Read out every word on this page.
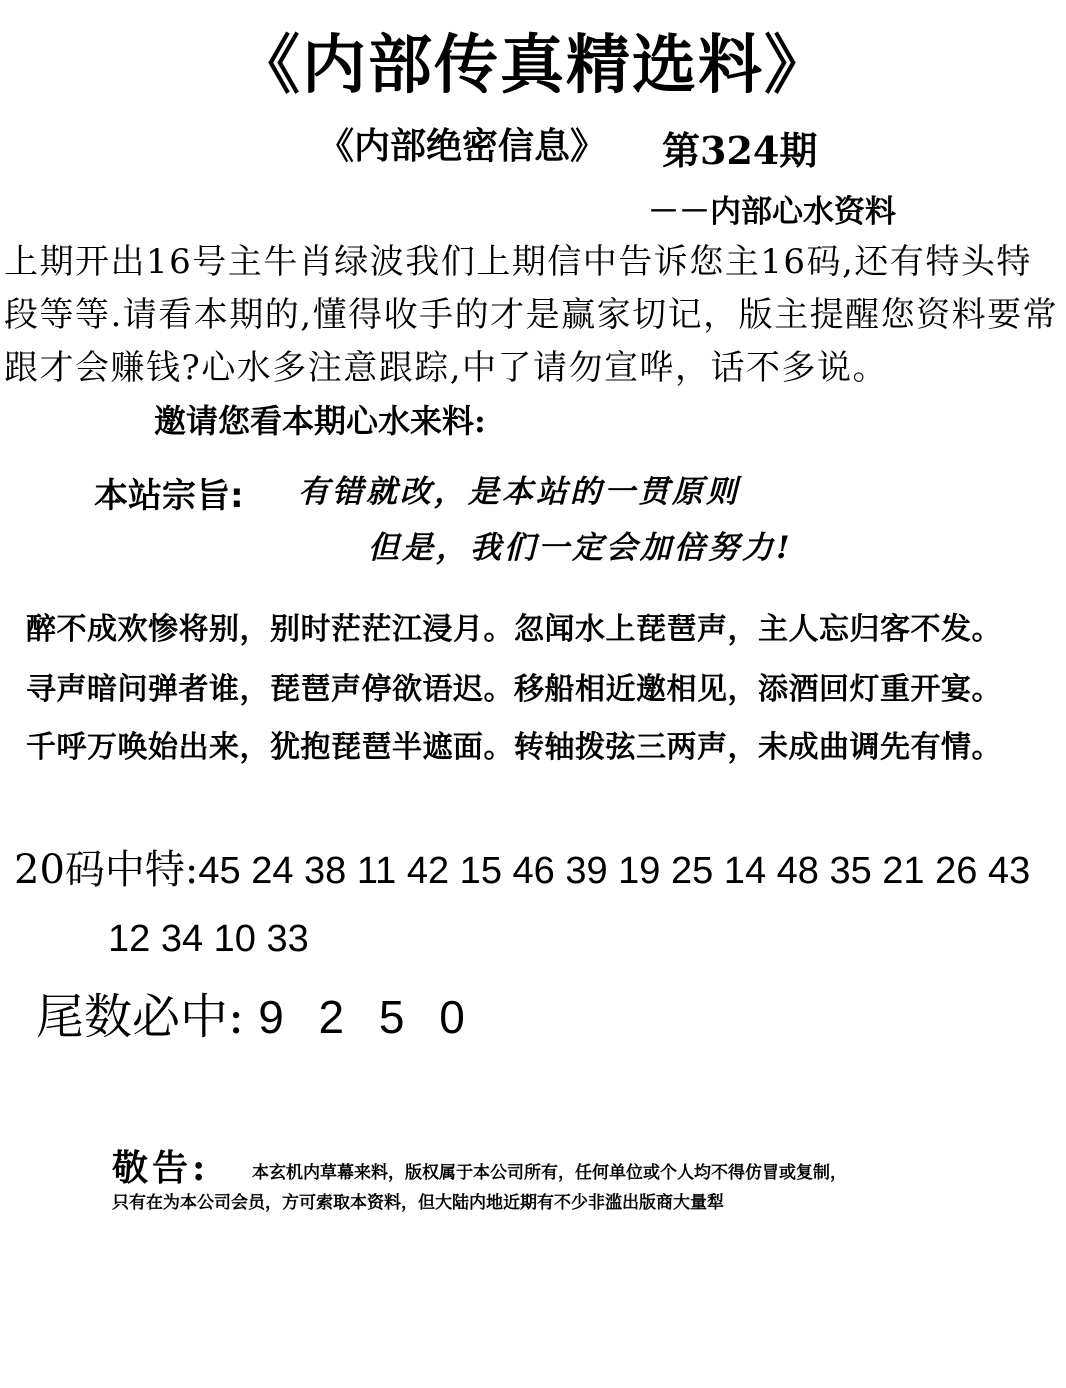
《内部传真精选料》
《内部绝密信息》 第324期
－－内部心水资料
上期开出16号主牛肖绿波我们上期信中告诉您主16码,还有特头特段等等.请看本期的,懂得收手的才是赢家切记，版主提醒您资料要常跟才会赚钱?心水多注意跟踪,中了请勿宣哗，话不多说。邀请您看本期心水来料:
本站宗旨: 有错就改，是本站的一贯原则
但是，我们一定会加倍努力!
醉不成欢惨将别，别时茫茫江浸月。忽闻水上琵琶声，主人忘归客不发。
寻声暗问弹者谁，琵琶声停欲语迟。移船相近邀相见，添酒回灯重开宴。
千呼万唤始出来，犹抱琵琶半遮面。转轴拨弦三两声，未成曲调先有情。
20码中特:45 24 38 11 42 15 46 39 19 25 14 48 35 21 26 43
12 34 10 33
尾数必中: 9 2 5 0
敬告:	本玄机内草幕来料，版权属于本公司所有，任何单位或个人均不得仿冒或复制，
只有在为本公司会员，方可索取本资料，但大陆内地近期有不少非滥出版商大量犁
